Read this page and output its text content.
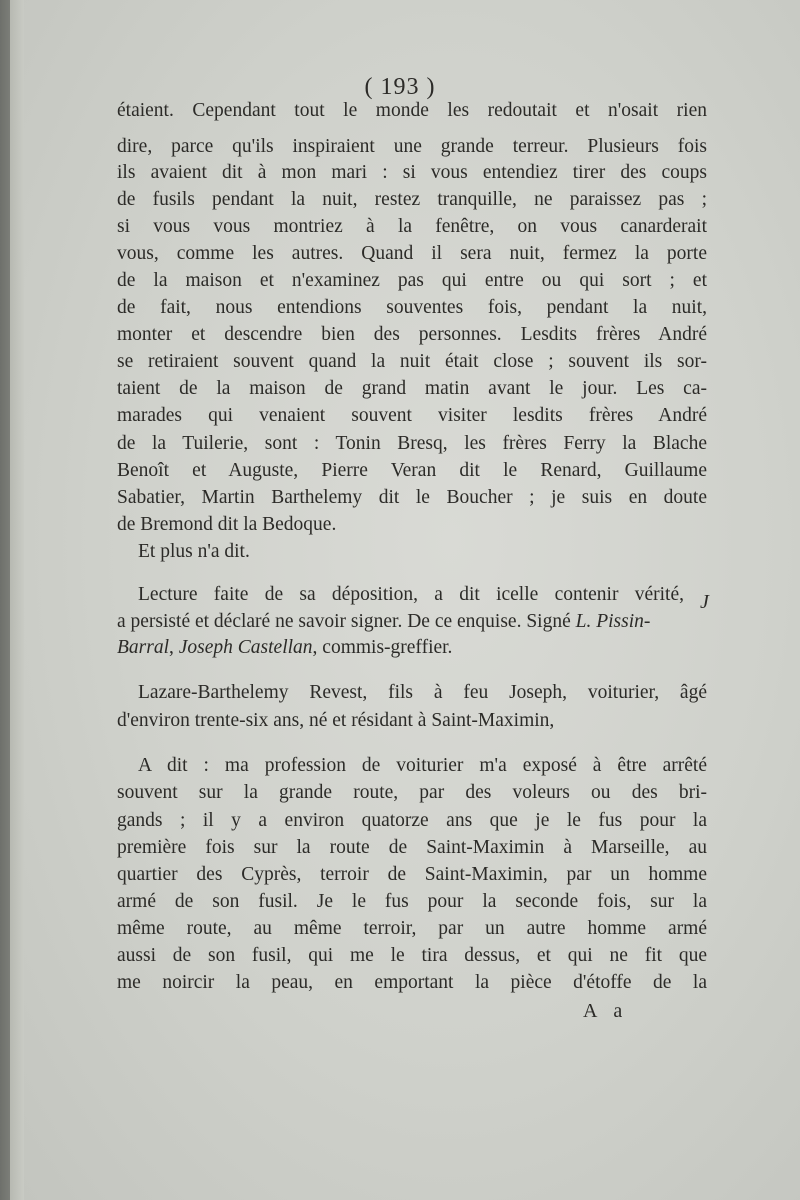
( 193 )
étaient. Cependant tout le monde les redoutait et n'osait rien
dire, parce qu'ils inspiraient une grande terreur. Plusieurs fois
ils avaient dit à mon mari : si vous entendiez tirer des coups
de fusils pendant la nuit, restez tranquille, ne paraissez pas ;
si vous vous montriez à la fenêtre, on vous canarderait
vous, comme les autres. Quand il sera nuit, fermez la porte
de la maison et n'examinez pas qui entre ou qui sort ; et
de fait, nous entendions souventes fois, pendant la nuit,
monter et descendre bien des personnes. Lesdits frères André
se retiraient souvent quand la nuit était close ; souvent ils sor-
taient de la maison de grand matin avant le jour. Les ca-
marades qui venaient souvent visiter lesdits frères André
de la Tuilerie, sont : Tonin Bresq, les frères Ferry la Blache
Benoît et Auguste, Pierre Veran dit le Renard, Guillaume
Sabatier, Martin Barthelemy dit le Boucher ; je suis en doute
de Bremond dit la Bedoque.
Et plus n'a dit.
Lecture faite de sa déposition, a dit icelle contenir vérité, J
a persisté et déclaré ne savoir signer. De ce enquise. Signé L. Pissin-
Barral, Joseph Castellan, commis-greffier.
Lazare-Barthelemy Revest, fils à feu Joseph, voiturier, âgé
d'environ trente-six ans, né et résidant à Saint-Maximin,
A dit : ma profession de voiturier m'a exposé à être arrêté
souvent sur la grande route, par des voleurs ou des bri-
gands ; il y a environ quatorze ans que je le fus pour la
première fois sur la route de Saint-Maximin à Marseille, au
quartier des Cyprès, terroir de Saint-Maximin, par un homme
armé de son fusil. Je le fus pour la seconde fois, sur la
même route, au même terroir, par un autre homme armé
aussi de son fusil, qui me le tira dessus, et qui ne fit que
me noircir la peau, en emportant la pièce d'étoffe de la
A a
